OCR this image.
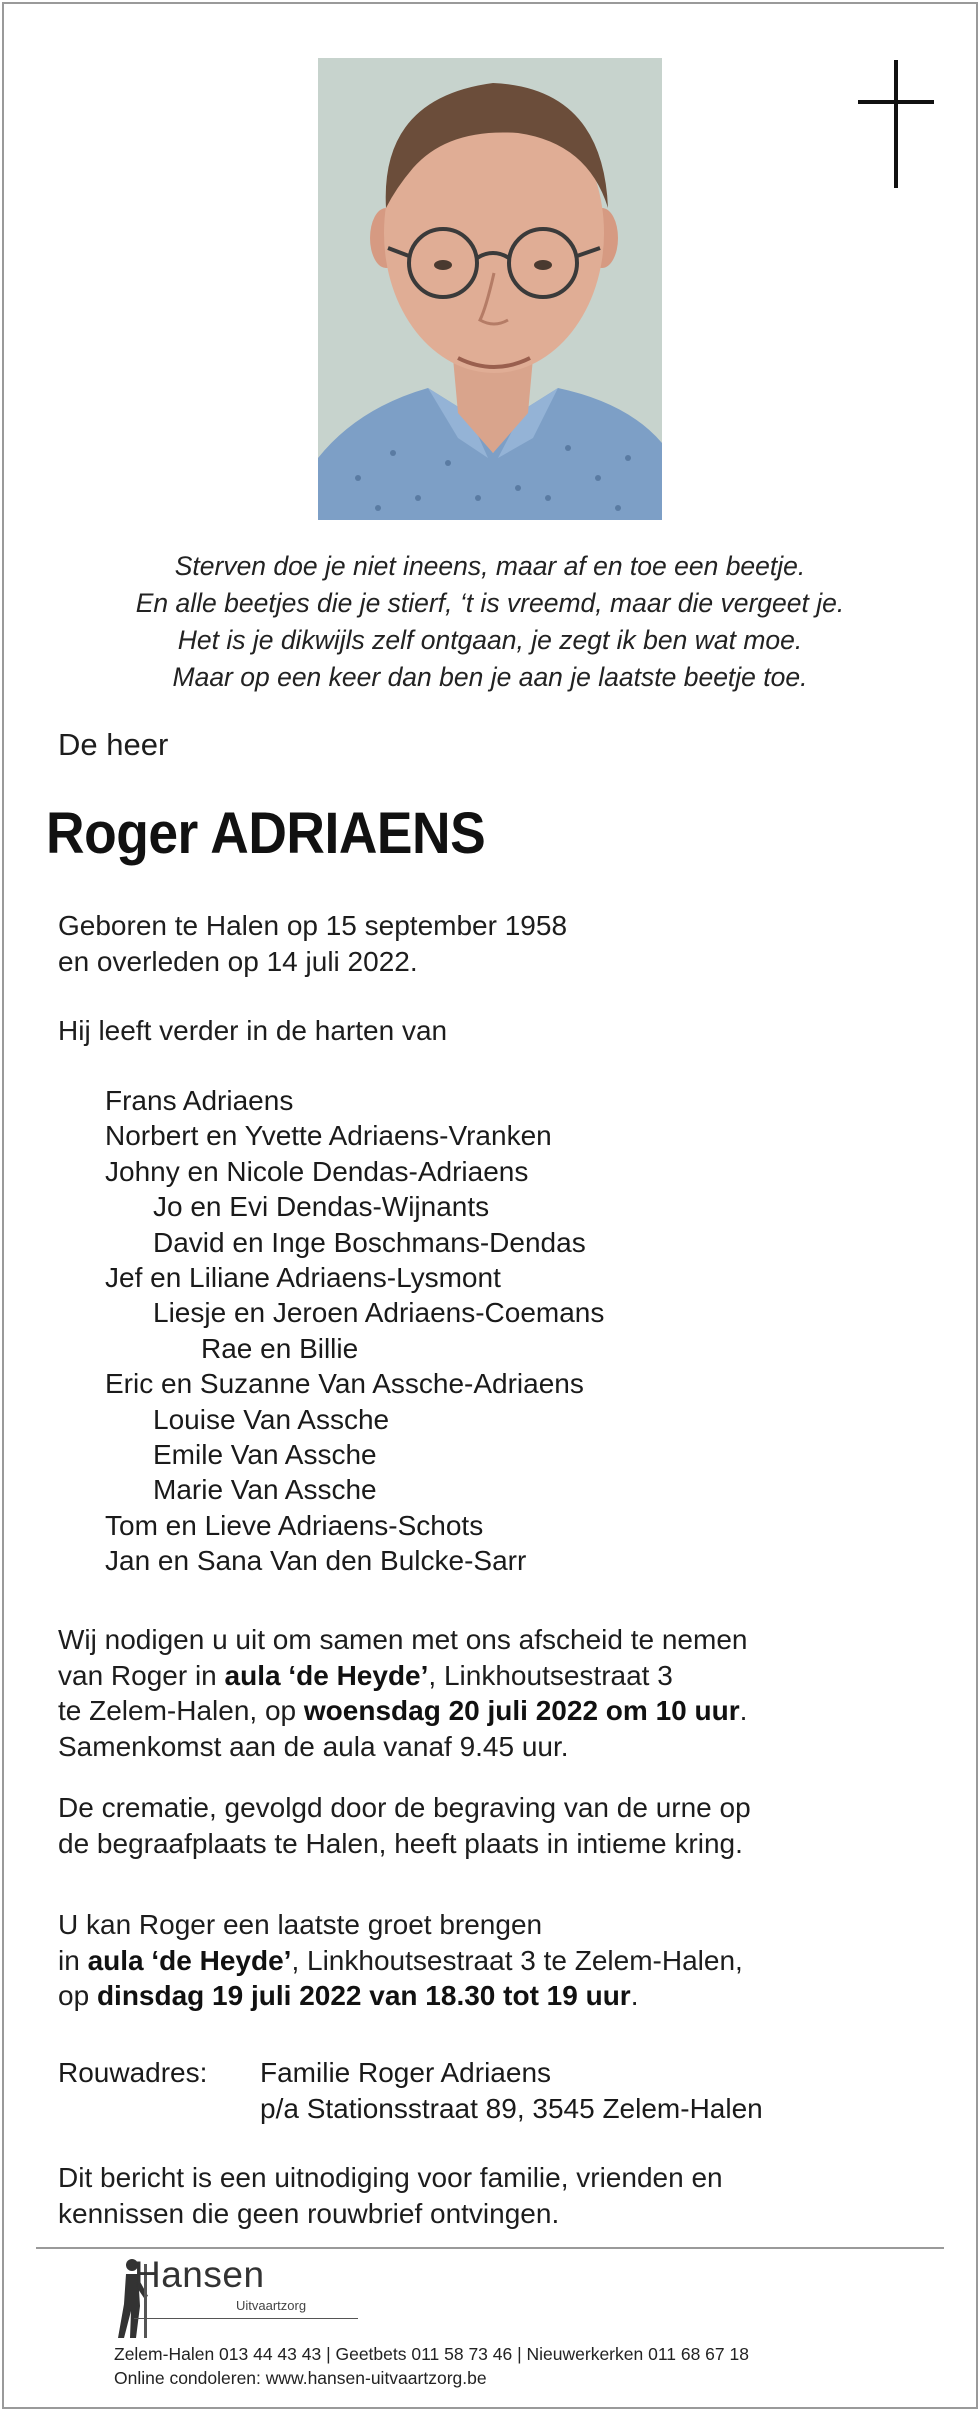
Sterven doe je niet ineens, maar af en toe een beetje.
En alle beetjes die je stierf, ‘t is vreemd, maar die vergeet je.
Het is je dikwijls zelf ontgaan, je zegt ik ben wat moe.
Maar op een keer dan ben je aan je laatste beetje toe.
De heer
Roger ADRIAENS
Geboren te Halen op 15 september 1958
en overleden op 14 juli 2022.
Hij leeft verder in de harten van
Frans Adriaens
Norbert en Yvette Adriaens-Vranken
Johny en Nicole Dendas-Adriaens
Jo en Evi Dendas-Wijnants
David en Inge Boschmans-Dendas
Jef en Liliane Adriaens-Lysmont
Liesje en Jeroen Adriaens-Coemans
Rae en Billie
Eric en Suzanne Van Assche-Adriaens
Louise Van Assche
Emile Van Assche
Marie Van Assche
Tom en Lieve Adriaens-Schots
Jan en Sana Van den Bulcke-Sarr
Wij nodigen u uit om samen met ons afscheid te nemen
van Roger in aula ‘de Heyde’, Linkhoutsestraat 3
te Zelem-Halen, op woensdag 20 juli 2022 om 10 uur.
Samenkomst aan de aula vanaf 9.45 uur.
De crematie, gevolgd door de begraving van de urne op
de begraafplaats te Halen, heeft plaats in intieme kring.
U kan Roger een laatste groet brengen
in aula ‘de Heyde’, Linkhoutsestraat 3 te Zelem-Halen,
op dinsdag 19 juli 2022 van 18.30 tot 19 uur.
Rouwadres: Familie Roger Adriaens
p/a Stationsstraat 89, 3545 Zelem-Halen
Dit bericht is een uitnodiging voor familie, vrienden en
kennissen die geen rouwbrief ontvingen.
Hansen
Uitvaartzorg
Zelem-Halen 013 44 43 43 | Geetbets 011 58 73 46 | Nieuwerkerken 011 68 67 18
Online condoleren: www.hansen-uitvaartzorg.be
